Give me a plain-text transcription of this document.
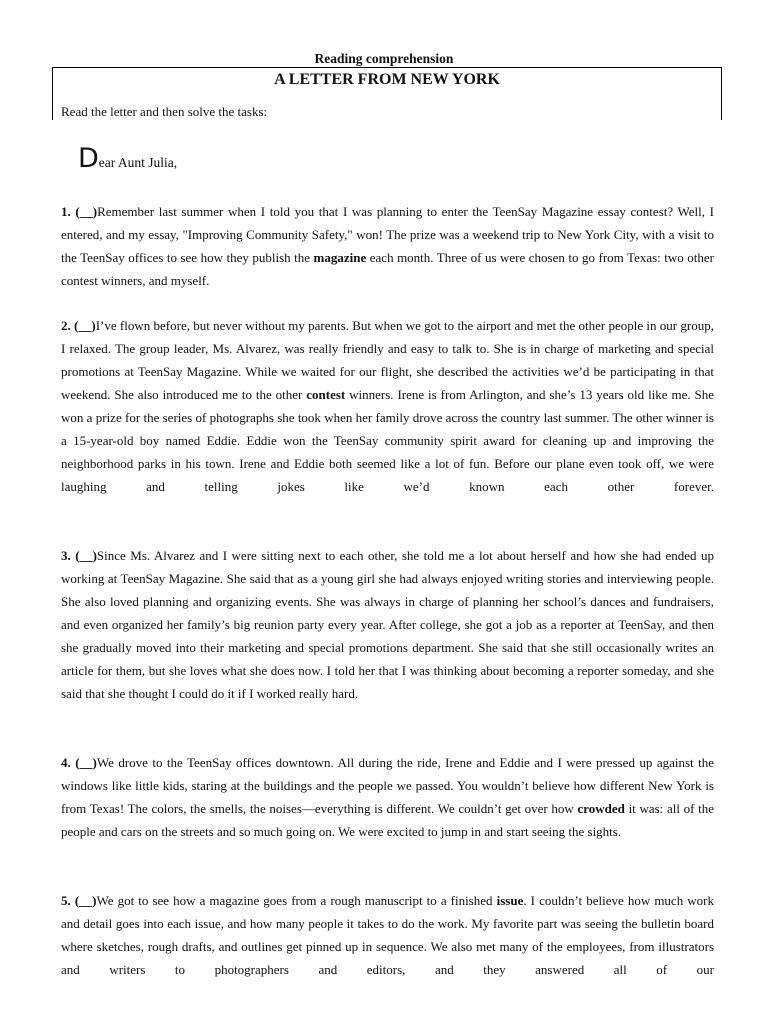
Reading comprehension
A LETTER FROM NEW YORK
Read the letter and then solve the tasks:
Dear Aunt Julia,
1. (__)Remember last summer when I told you that I was planning to enter the TeenSay Magazine essay contest? Well, I entered, and my essay, "Improving Community Safety," won! The prize was a weekend trip to New York City, with a visit to the TeenSay offices to see how they publish the magazine each month. Three of us were chosen to go from Texas: two other contest winners, and myself.
2. (__)I’ve flown before, but never without my parents. But when we got to the airport and met the other people in our group, I relaxed. The group leader, Ms. Alvarez, was really friendly and easy to talk to. She is in charge of marketing and special promotions at TeenSay Magazine. While we waited for our flight, she described the activities we’d be participating in that weekend. She also introduced me to the other contest winners. Irene is from Arlington, and she’s 13 years old like me. She won a prize for the series of photographs she took when her family drove across the country last summer. The other winner is a 15-year-old boy named Eddie. Eddie won the TeenSay community spirit award for cleaning up and improving the neighborhood parks in his town. Irene and Eddie both seemed like a lot of fun. Before our plane even took off, we were laughing and telling jokes like we’d known each other forever.
3. (__)Since Ms. Alvarez and I were sitting next to each other, she told me a lot about herself and how she had ended up working at TeenSay Magazine. She said that as a young girl she had always enjoyed writing stories and interviewing people. She also loved planning and organizing events. She was always in charge of planning her school’s dances and fundraisers, and even organized her family’s big reunion party every year. After college, she got a job as a reporter at TeenSay, and then she gradually moved into their marketing and special promotions department. She said that she still occasionally writes an article for them, but she loves what she does now. I told her that I was thinking about becoming a reporter someday, and she said that she thought I could do it if I worked really hard.
4. (__)We drove to the TeenSay offices downtown. All during the ride, Irene and Eddie and I were pressed up against the windows like little kids, staring at the buildings and the people we passed. You wouldn’t believe how different New York is from Texas! The colors, the smells, the noises—everything is different. We couldn’t get over how crowded it was: all of the people and cars on the streets and so much going on. We were excited to jump in and start seeing the sights.
5. (__)We got to see how a magazine goes from a rough manuscript to a finished issue. I couldn’t believe how much work and detail goes into each issue, and how many people it takes to do the work. My favorite part was seeing the bulletin board where sketches, rough drafts, and outlines get pinned up in sequence. We also met many of the employees, from illustrators and writers to photographers and editors, and they answered all of our
